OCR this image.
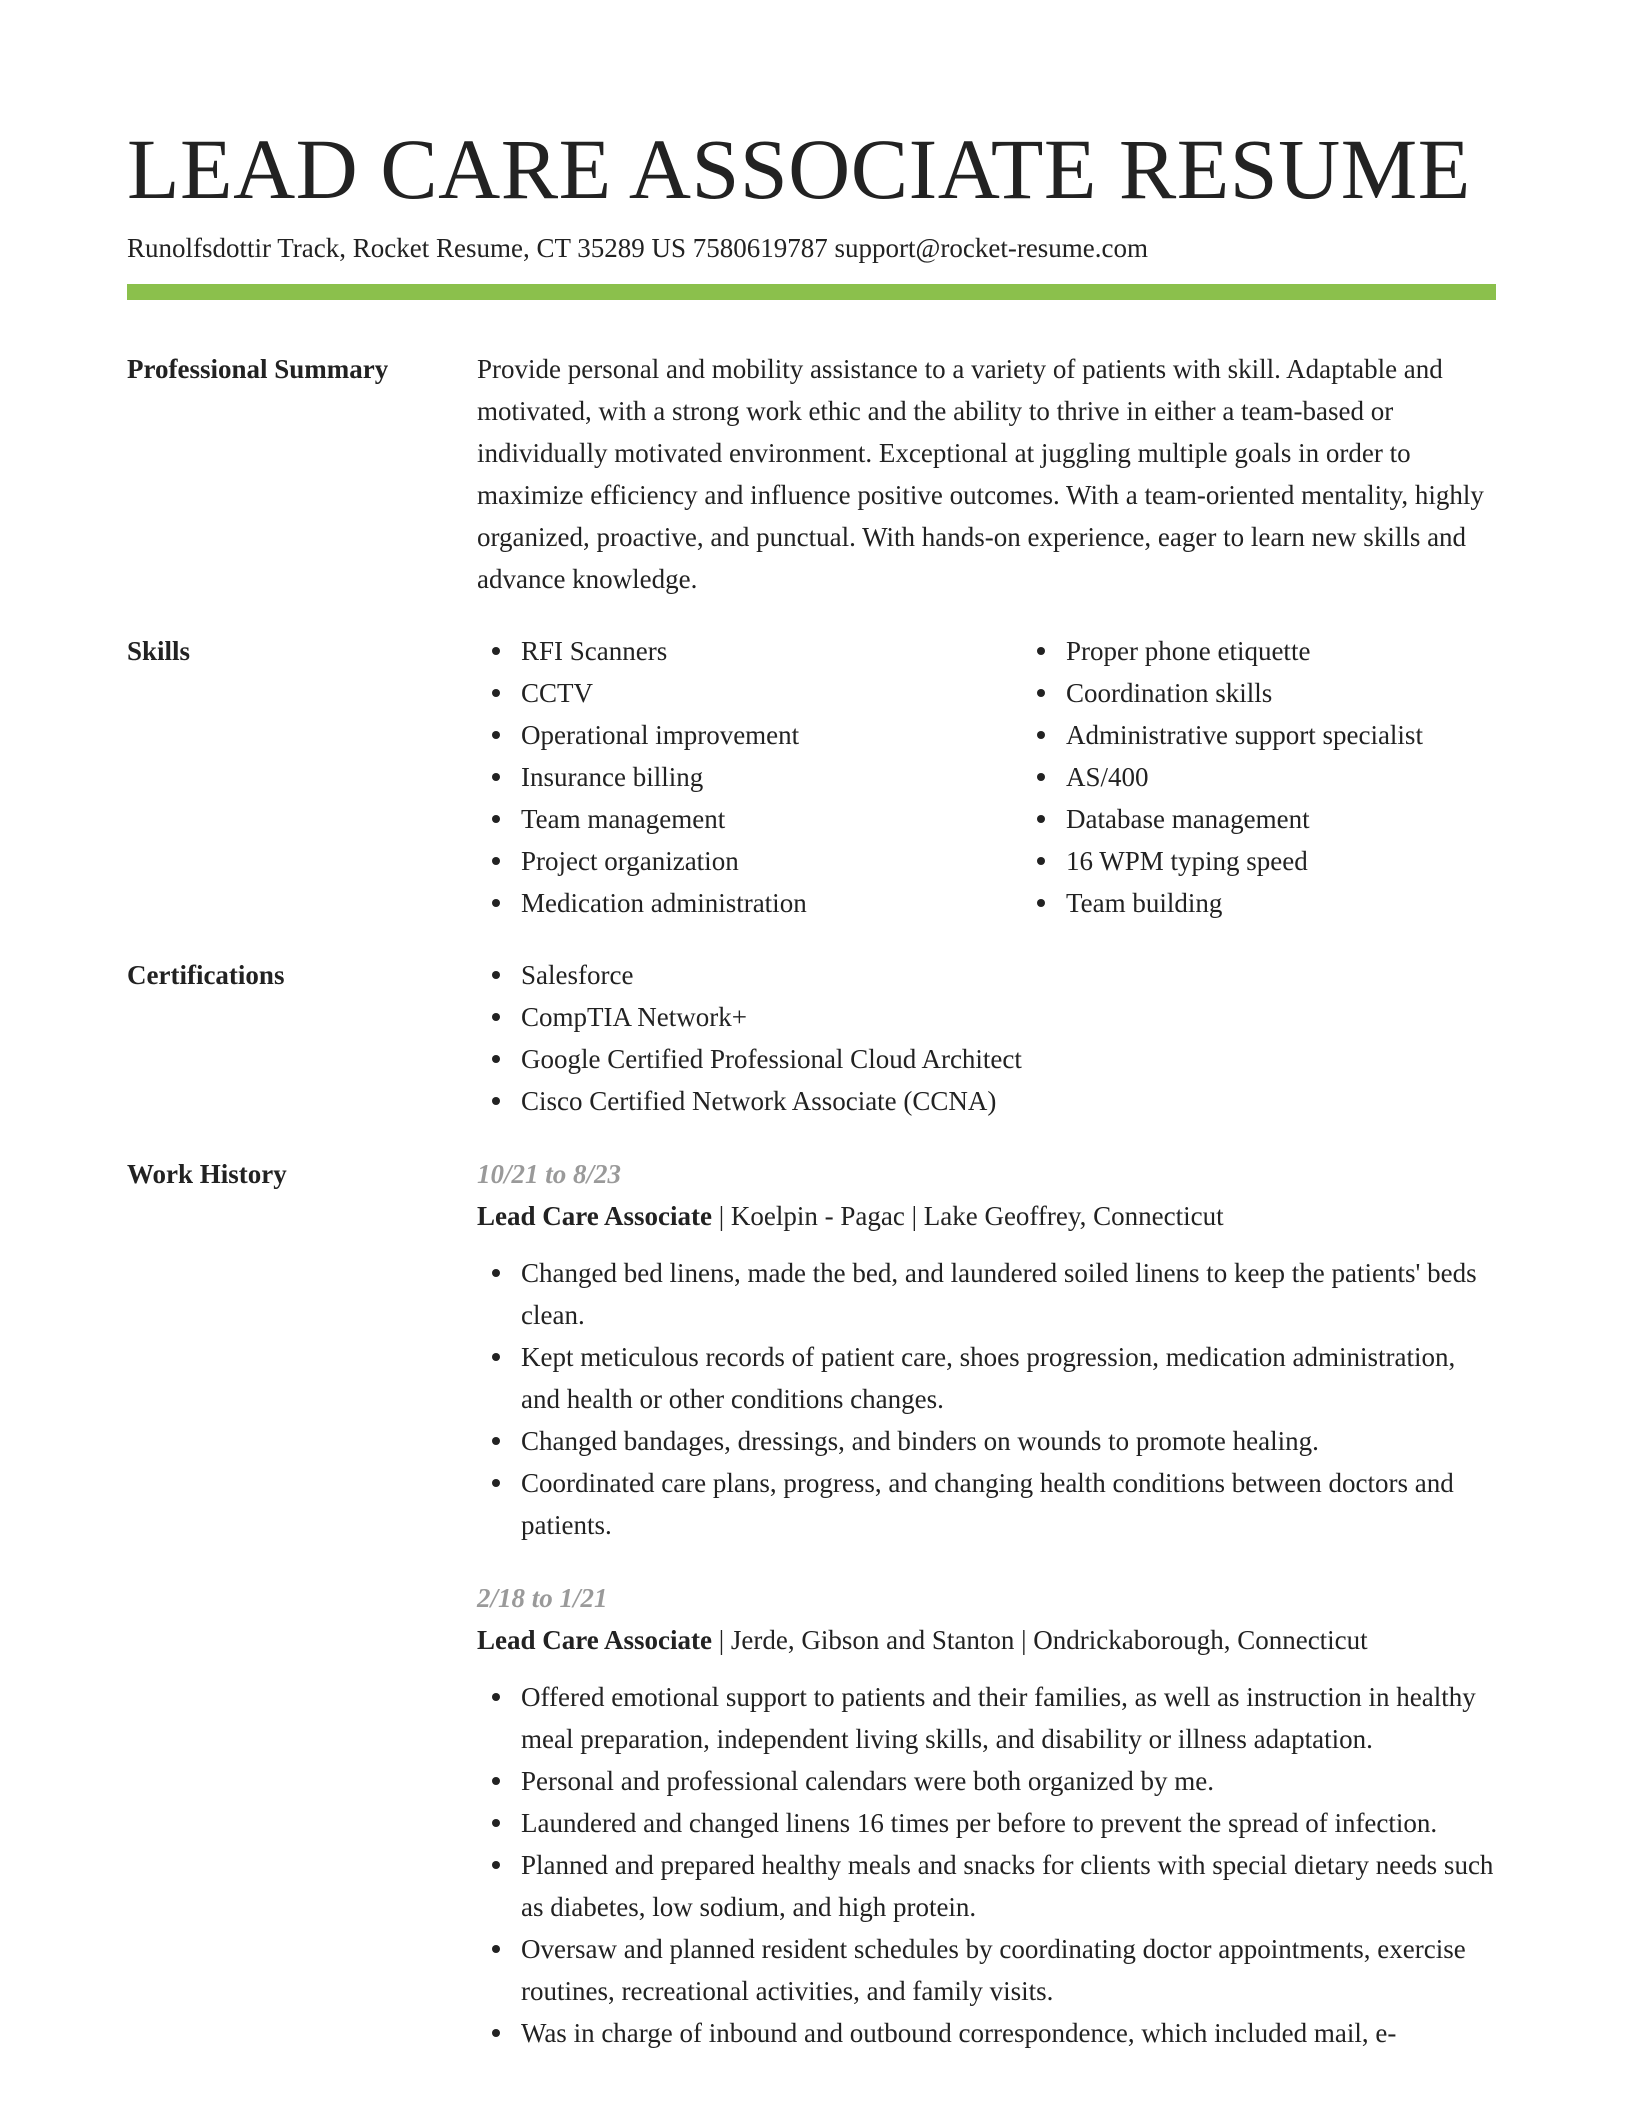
LEAD CARE ASSOCIATE RESUME
Runolfsdottir Track, Rocket Resume, CT 35289 US 7580619787 support@rocket-resume.com
Professional Summary	Provide personal and mobility assistance to a variety of patients with skill. Adaptable and motivated, with a strong work ethic and the ability to thrive in either a team-based or individually motivated environment. Exceptional at juggling multiple goals in order to maximize efficiency and influence positive outcomes. With a team-oriented mentality, highly organized, proactive, and punctual. With hands-on experience, eager to learn new skills and advance knowledge.

Skills	RFI Scanners
CCTV
Operational improvement
Insurance billing
Team management
Project organization
Medication administration
Proper phone etiquette
Coordination skills
Administrative support specialist
AS/400
Database management
16 WPM typing speed
Team building
Certifications	Salesforce
CompTIA Network+
Google Certified Professional Cloud Architect
Cisco Certified Network Associate (CCNA)
Work History	10/21 to 8/23
Lead Care Associate | Koelpin - Pagac | Lake Geoffrey, Connecticut
Changed bed linens, made the bed, and laundered soiled linens to keep the patients' beds clean.
Kept meticulous records of patient care, shoes progression, medication administration, and health or other conditions changes.
Changed bandages, dressings, and binders on wounds to promote healing.
Coordinated care plans, progress, and changing health conditions between doctors and patients.
2/18 to 1/21
Lead Care Associate | Jerde, Gibson and Stanton | Ondrickaborough, Connecticut
Offered emotional support to patients and their families, as well as instruction in healthy meal preparation, independent living skills, and disability or illness adaptation.
Personal and professional calendars were both organized by me.
Laundered and changed linens 16 times per before to prevent the spread of infection.
Planned and prepared healthy meals and snacks for clients with special dietary needs such as diabetes, low sodium, and high protein.
Oversaw and planned resident schedules by coordinating doctor appointments, exercise routines, recreational activities, and family visits.
Was in charge of inbound and outbound correspondence, which included mail, e-
